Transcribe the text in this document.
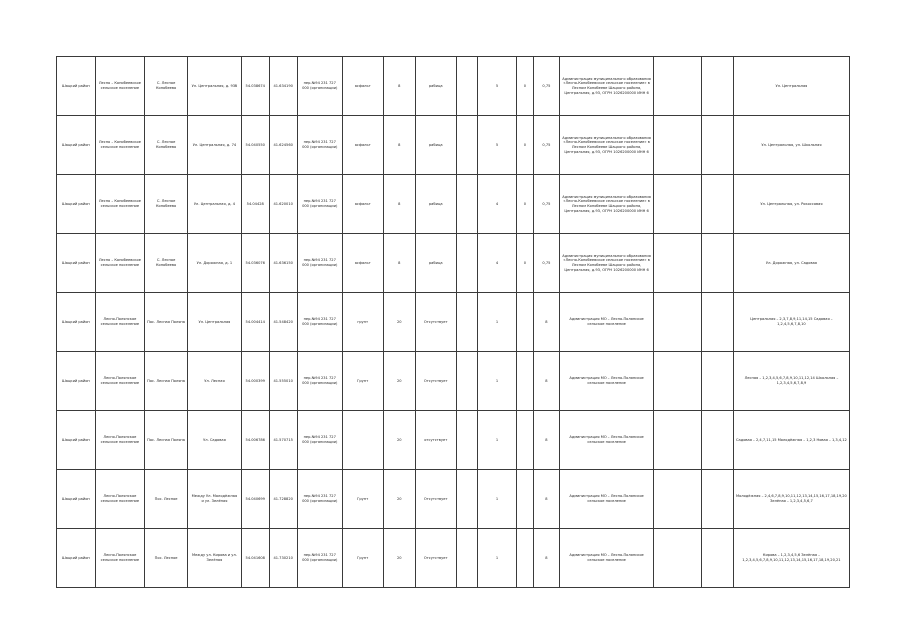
Шацкий район	Лесно – Конобеевское сельское поселение	С. Лесное Конобеево	Ул. Центральная, д. 93б	54.038674	41.634190	пер.№94 231 727 000 (организации)	асфальт	8	рабица		5	0	0,75	Администрация муниципального образования «Лесно-Конобеевское сельское поселение» в Лесном Конобееве Шацкого района, Центральная, д.93, ОГРН 1026200000 ИНН 6			Ул. Центральная
Шацкий район	Лесно – Конобеевское сельское поселение	С. Лесное Конобеево	Ул. Центральная, д. 74	54.040550	41.624560	пер.№94 231 727 000 (организации)	асфальт	8	рабица		5	0	0,75	Администрация муниципального образования «Лесно-Конобеевское сельское поселение» в Лесном Конобееве Шацкого района, Центральная, д.93, ОГРН 1026200000 ИНН 6			Ул. Центральная, ул. Школьная
Шацкий район	Лесно – Конобеевское сельское поселение	С. Лесное Конобеево	Ул. Центральная, д. 4	54.04428	41.620010	пер.№94 231 727 000 (организации)	асфальт	8	рабица		4	0	0,75	Администрация муниципального образования «Лесно-Конобеевское сельское поселение» в Лесном Конобееве Шацкого района, Центральная, д.93, ОГРН 1026200000 ИНН 6			Ул. Центральная, ул. Рокоссовая
Шацкий район	Лесно – Конобеевское сельское поселение	С. Лесное Конобеево	Ул. Дорожная, д. 1	54.036076	41.636150	пер.№94 231 727 000 (организации)	асфальт	8	рабица		4	0	0,75	Администрация муниципального образования «Лесно-Конобеевское сельское поселение» в Лесном Конобееве Шацкого района, Центральная, д.93, ОГРН 1026200000 ИНН 6			Ул. Дорожная, ул. Садовая
Шацкий район	Лесно-Полянское сельское поселение	Пос. Лесная Поляна	Ул. Центральная	54.004414	41.548420	пер.№94 231 727 000 (организации)	грунт	20	Отсутствует		1		8	Администрация МО – Лесно-Полянское сельское поселение			Центральная – 2,3,7,8,9,11,14,15 Садовая – 1,2,4,5,6,7,8,10
Шацкий район	Лесно-Полянское сельское поселение	Пос. Лесная Поляна	Ул. Лесная	54.000399	41.555010	пер.№94 231 727 000 (организации)	Грунт	20	Отсутствует		1		8	Администрация МО – Лесно-Полянское сельское поселение			Лесная – 1,2,3,4,5,6,7,8,9,10,11,12,14 Школьная – 1,2,3,4,5,6,7,8,9
Шацкий район	Лесно-Полянское сельское поселение	Пос. Лесная Поляна	Ул. Садовая	54.006786	41.570715	пер.№94 231 727 000 (организации)		20	отсутствует		1		8	Администрация МО – Лесно-Полянское сельское поселение			Садовая – 2,4,7,11,15 Молодёжная – 1,2,3 Новая – 1,3,4,12
Шацкий район	Лесно-Полянское сельское поселение	Пос. Лесное	Между Ул. Молодёжная и ул. Зелёная	54.040699	41.728820	пер.№94 231 727 000 (организации)	Грунт	20	Отсутствует		1		8	Администрация МО – Лесно-Полянское сельское поселение			Молодёжная – 2,4,6,7,8,9,10,11,12,13,14,15,16,17,18,19,20 Зелёная – 1,2,3,4,5,6,7
Шацкий район	Лесно-Полянское сельское поселение	Пос. Лесное	Между ул. Кирова и ул. Зелёная	54.041608	41.730210	пер.№94 231 727 000 (организации)	Грунт	20	Отсутствует		1		8	Администрация МО – Лесно-Полянское сельское поселение			Кирова – 1,2,3,4,5,6 Зелёная – 1,2,3,4,5,6,7,8,9,10,11,12,13,14,15,16,17,18,19,20,21
